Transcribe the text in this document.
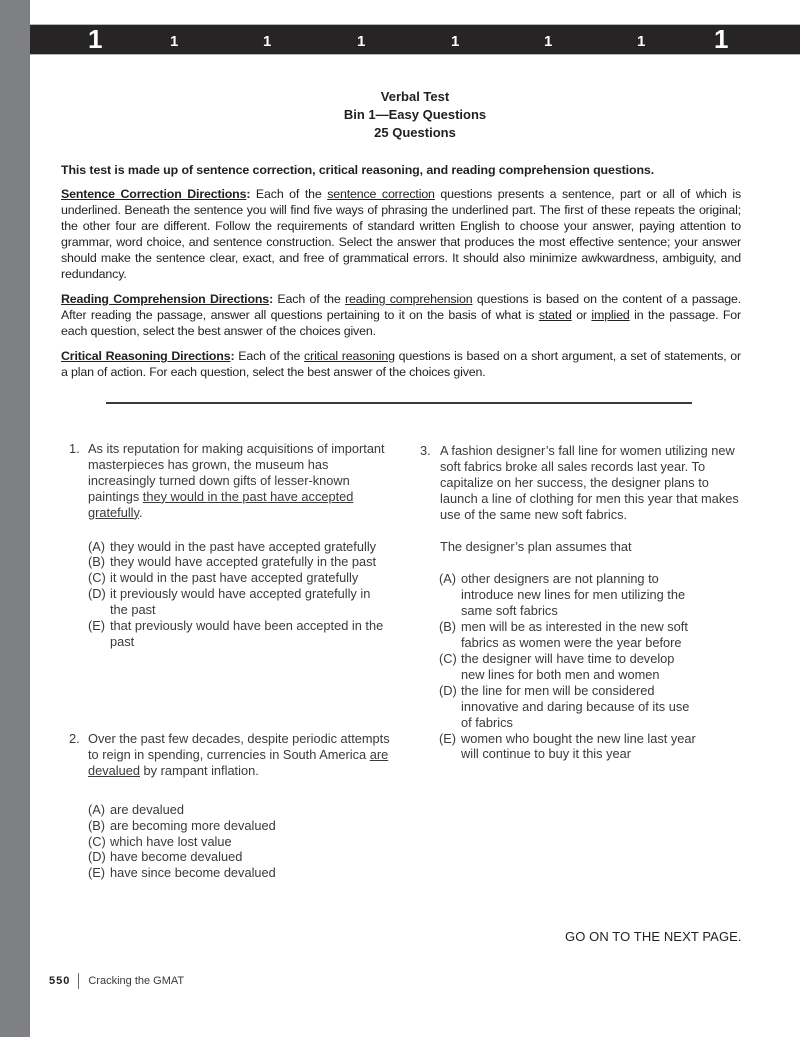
1	1	1	1	1	1	1	1
Verbal Test
Bin 1—Easy Questions
25 Questions
This test is made up of sentence correction, critical reasoning, and reading comprehension questions.
Sentence Correction Directions: Each of the sentence correction questions presents a sentence, part or all of which is underlined. Beneath the sentence you will find five ways of phrasing the underlined part. The first of these repeats the original; the other four are different. Follow the requirements of standard written English to choose your answer, paying attention to grammar, word choice, and sentence construction. Select the answer that produces the most effective sentence; your answer should make the sentence clear, exact, and free of grammatical errors. It should also minimize awkwardness, ambiguity, and redundancy.
Reading Comprehension Directions: Each of the reading comprehension questions is based on the content of a passage. After reading the passage, answer all questions pertaining to it on the basis of what is stated or implied in the passage. For each question, select the best answer of the choices given.
Critical Reasoning Directions: Each of the critical reasoning questions is based on a short argument, a set of statements, or a plan of action. For each question, select the best answer of the choices given.
1. As its reputation for making acquisitions of important masterpieces has grown, the museum has increasingly turned down gifts of lesser-known paintings they would in the past have accepted gratefully.
(A) they would in the past have accepted gratefully
(B) they would have accepted gratefully in the past
(C) it would in the past have accepted gratefully
(D) it previously would have accepted gratefully in the past
(E) that previously would have been accepted in the past
2. Over the past few decades, despite periodic attempts to reign in spending, currencies in South America are devalued by rampant inflation.
(A) are devalued
(B) are becoming more devalued
(C) which have lost value
(D) have become devalued
(E) have since become devalued
3. A fashion designer’s fall line for women utilizing new soft fabrics broke all sales records last year. To capitalize on her success, the designer plans to launch a line of clothing for men this year that makes use of the same new soft fabrics.
The designer’s plan assumes that
(A) other designers are not planning to introduce new lines for men utilizing the same soft fabrics
(B) men will be as interested in the new soft fabrics as women were the year before
(C) the designer will have time to develop new lines for both men and women
(D) the line for men will be considered innovative and daring because of its use of fabrics
(E) women who bought the new line last year will continue to buy it this year
GO ON TO THE NEXT PAGE.
550 Cracking the GMAT
